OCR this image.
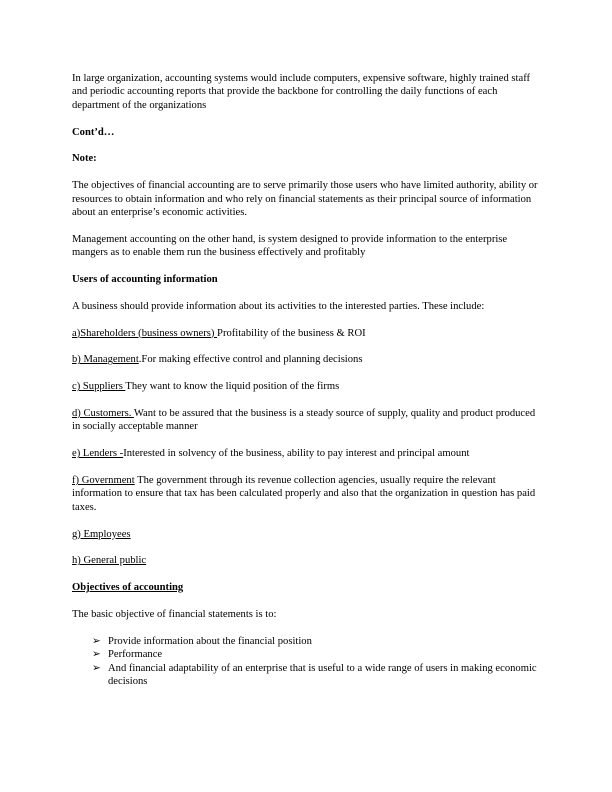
In large organization, accounting systems would include computers, expensive software, highly trained staff and periodic accounting reports that provide the backbone for controlling the daily functions of each department of the organizations

Cont’d…

Note:

The objectives of financial accounting are to serve primarily those users who have limited authority, ability or resources to obtain information and who rely on financial statements as their principal source of information about an enterprise’s economic activities.

Management accounting on the other hand, is system designed to provide information to the enterprise mangers as to enable them run the business effectively and profitably

Users of accounting information

A business should provide information about its activities to the interested parties. These include:

a)Shareholders (business owners) Profitability of the business & ROI

b) Management.For making effective control and planning decisions

c) Suppliers They want to know the liquid position of the firms

d) Customers. Want to be assured that the business is a steady source of supply, quality and product produced in socially acceptable manner

e) Lenders -Interested in solvency of the business, ability to pay interest and principal amount

f) Government The government through its revenue collection agencies, usually require the relevant information to ensure that tax has been calculated properly and also that the organization in question has paid taxes.

g) Employees

h) General public

Objectives of accounting

The basic objective of financial statements is to:

➢ Provide information about the financial position
➢ Performance
➢ And financial adaptability of an enterprise that is useful to a wide range of users in making economic decisions
